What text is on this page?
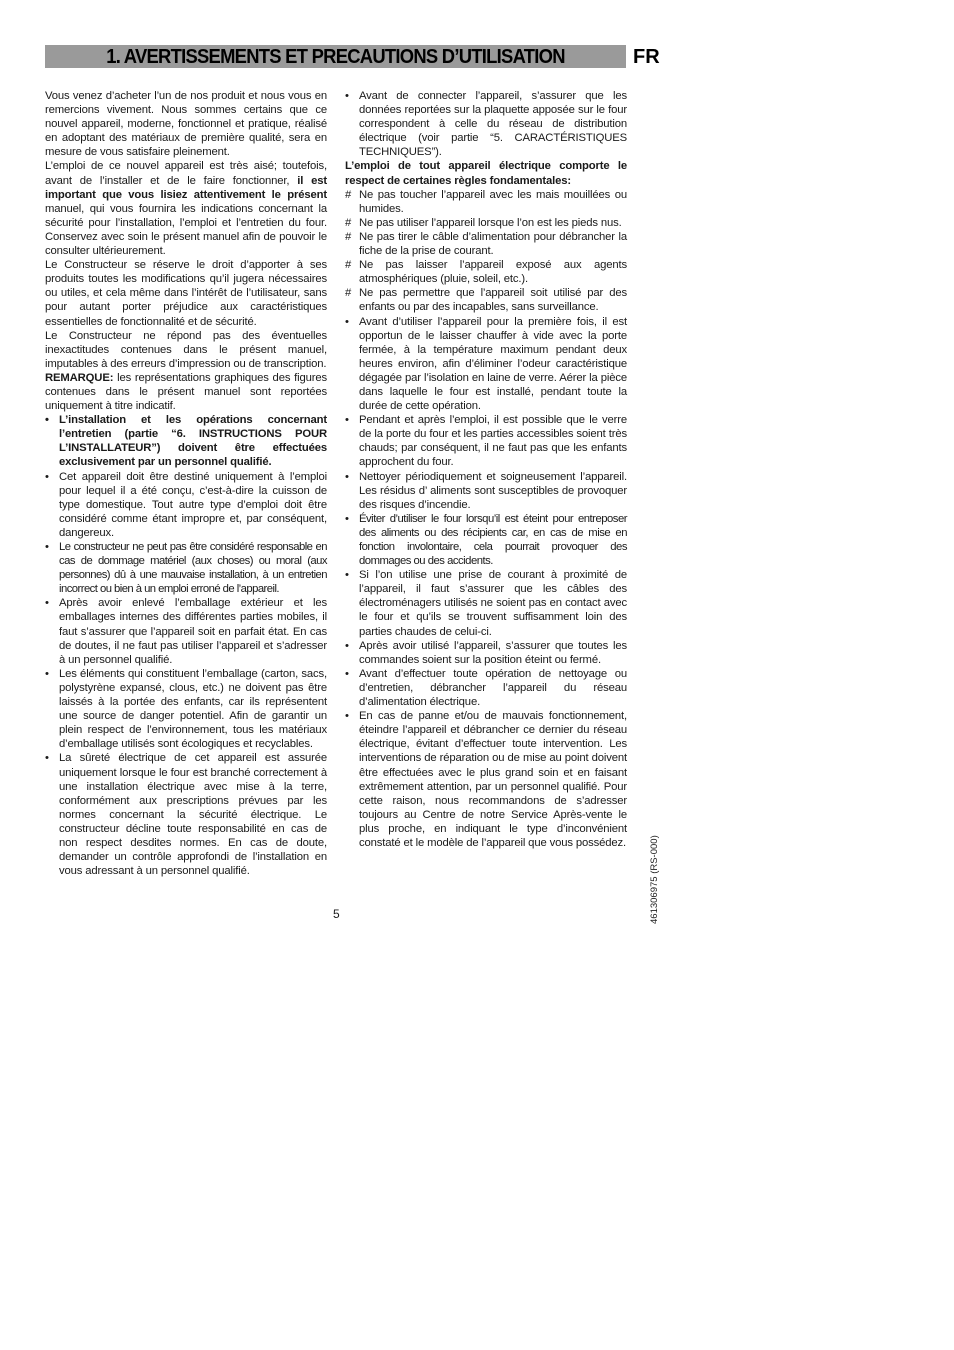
1. AVERTISSEMENTS ET PRECAUTIONS D’UTILISATION	FR

Vous venez d’acheter l’un de nos produit et nous vous en remercions vivement. Nous sommes certains que ce nouvel appareil, moderne, fonctionnel et pratique, réalisé en adoptant des matériaux de première qualité, sera en mesure de vous satisfaire pleinement.

L’emploi de ce nouvel appareil est très aisé; toutefois, avant de l’installer et de le faire fonctionner, il est important que vous lisiez attentivement le présent manuel, qui vous fournira les indications concernant la sécurité pour l’installation, l’emploi et l’entretien du four. Conservez avec soin le présent manuel afin de pouvoir le consulter ultérieurement.

Le Constructeur se réserve le droit d’apporter à ses produits toutes les modifications qu’il jugera nécessaires ou utiles, et cela même dans l’intérêt de l’utilisateur, sans pour autant porter préjudice aux caractéristiques essentielles de fonctionnalité et de sécurité.

Le Constructeur ne répond pas des éventuelles inexactitudes contenues dans le présent manuel, imputables à des erreurs d’impression ou de transcription.

REMARQUE: les représentations graphiques des figures contenues dans le présent manuel sont reportées uniquement à titre indicatif.

• L’installation et les opérations concernant l’entretien (partie “6. INSTRUCTIONS POUR L’INSTALLATEUR”) doivent être effectuées exclusivement par un personnel qualifié.
• Cet appareil doit être destiné uniquement à l’emploi pour lequel il a été conçu, c’est-à-dire la cuisson de type domestique. Tout autre type d’emploi doit être considéré comme étant impropre et, par conséquent, dangereux.
• Le constructeur ne peut pas être considéré responsable en cas de dommage matériel (aux choses) ou moral (aux personnes) dû à une mauvaise installation, à un entretien incorrect ou bien à un emploi erroné de l’appareil.
• Après avoir enlevé l’emballage extérieur et les emballages internes des différentes parties mobiles, il faut s’assurer que l’appareil soit en parfait état. En cas de doutes, il ne faut pas utiliser l’appareil et s’adresser à un personnel qualifié.
• Les éléments qui constituent l’emballage (carton, sacs, polystyrène expansé, clous, etc.) ne doivent pas être laissés à la portée des enfants, car ils représentent une source de danger potentiel. Afin de garantir un plein respect de l’environnement, tous les matériaux d’emballage utilisés sont écologiques et recyclables.
• La sûreté électrique de cet appareil est assurée uniquement lorsque le four est branché correctement à une installation électrique avec mise à la terre, conformément aux prescriptions prévues par les normes concernant la sécurité électrique. Le constructeur décline toute responsabilité en cas de non respect desdites normes. En cas de doute, demander un contrôle approfondi de l’installation en vous adressant à un personnel qualifié.
• Avant de connecter l’appareil, s’assurer que les données reportées sur la plaquette apposée sur le four correspondent à celle du réseau de distribution électrique (voir partie “5. CARACTÉRISTIQUES TECHNIQUES”).

L’emploi de tout appareil électrique comporte le respect de certaines règles fondamentales:

# Ne pas toucher l’appareil avec les mais mouillées ou humides.
# Ne pas utiliser l’appareil lorsque l’on est les pieds nus.
# Ne pas tirer le câble d’alimentation pour débrancher la fiche de la prise de courant.
# Ne pas laisser l’appareil exposé aux agents atmosphériques (pluie, soleil, etc.).
# Ne pas permettre que l’appareil soit utilisé par des enfants ou par des incapables, sans surveillance.
• Avant d’utiliser l’appareil pour la première fois, il est opportun de le laisser chauffer à vide avec la porte fermée, à la température maximum pendant deux heures environ, afin d’éliminer l’odeur caractéristique dégagée par l’isolation en laine de verre. Aérer la pièce dans laquelle le four est installé, pendant toute la durée de cette opération.
• Pendant et après l’emploi, il est possible que le verre de la porte du four et les parties accessibles soient très chauds; par conséquent, il ne faut pas que les enfants approchent du four.
• Nettoyer périodiquement et soigneusement l’appareil. Les résidus d’ aliments sont susceptibles de provoquer des risques d’incendie.
• Éviter d’utiliser le four lorsqu’il est éteint pour entreposer des aliments ou des récipients car, en cas de mise en fonction involontaire, cela pourrait provoquer des dommages ou des accidents.
• Si l’on utilise une prise de courant à proximité de l’appareil, il faut s’assurer que les câbles des électroménagers utilisés ne soient pas en contact avec le four et qu’ils se trouvent suffisamment loin des parties chaudes de celui-ci.
• Après avoir utilisé l’appareil, s’assurer que toutes les commandes soient sur la position éteint ou fermé.
• Avant d’effectuer toute opération de nettoyage ou d’entretien, débrancher l’appareil du réseau d’alimentation électrique.
• En cas de panne et/ou de mauvais fonctionnement, éteindre l’appareil et débrancher ce dernier du réseau électrique, évitant d’effectuer toute intervention. Les interventions de réparation ou de mise au point doivent être effectuées avec le plus grand soin et en faisant extrêmement attention, par un personnel qualifié. Pour cette raison, nous recommandons de s’adresser toujours au Centre de notre Service Après-vente le plus proche, en indiquant le type d’inconvénient constaté et le modèle de l’appareil que vous possédez.
5	461306975 (RS-000)
